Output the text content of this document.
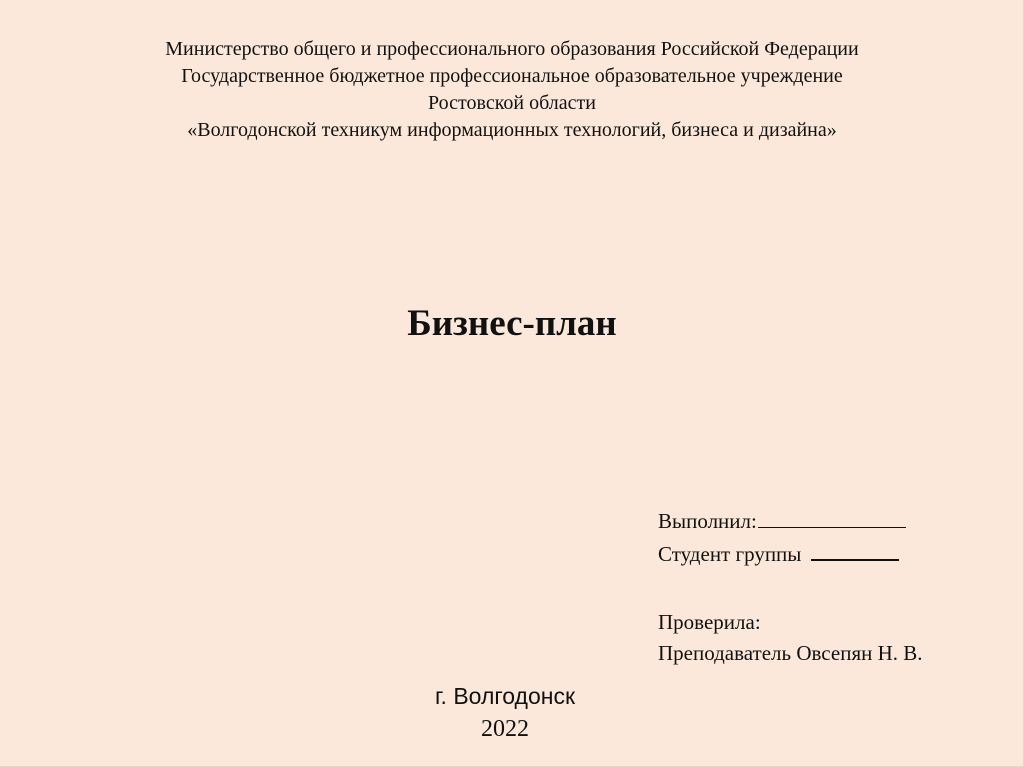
Министерство общего и профессионального образования Российской Федерации
Государственное бюджетное профессиональное образовательное учреждение
Ростовской области
«Волгодонской техникум информационных технологий, бизнеса и дизайна»
Бизнес-план
Выполнил:
Студент группы
Проверила:
Преподаватель Овсепян Н. В.
г. Волгодонск
2022
